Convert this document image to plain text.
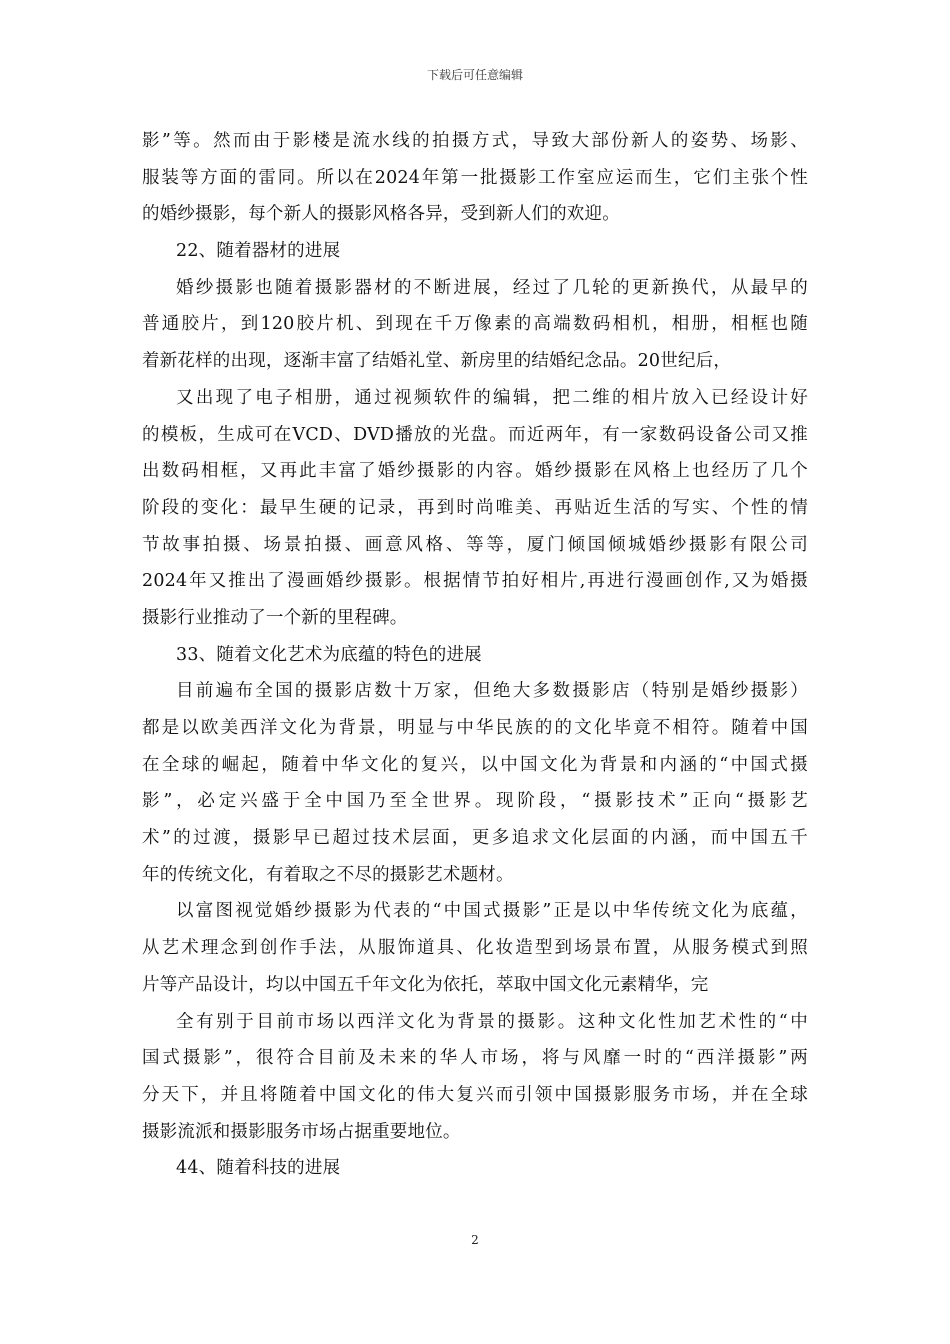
下载后可任意编辑
影”等。然而由于影楼是流水线的拍摄方式，导致大部份新人的姿势、场影、
服装等方面的雷同。所以在2024年第一批摄影工作室应运而生，它们主张个性
的婚纱摄影，每个新人的摄影风格各异，受到新人们的欢迎。
22、随着器材的进展
婚纱摄影也随着摄影器材的不断进展，经过了几轮的更新换代，从最早的
普通胶片，到120胶片机、到现在千万像素的高端数码相机，相册，相框也随
着新花样的出现，逐渐丰富了结婚礼堂、新房里的结婚纪念品。20世纪后，
又出现了电子相册，通过视频软件的编辑，把二维的相片放入已经设计好
的模板，生成可在VCD、DVD播放的光盘。而近两年，有一家数码设备公司又推
出数码相框，又再此丰富了婚纱摄影的内容。婚纱摄影在风格上也经历了几个
阶段的变化：最早生硬的记录，再到时尚唯美、再贴近生活的写实、个性的情
节故事拍摄、场景拍摄、画意风格、等等，厦门倾国倾城婚纱摄影有限公司
2024年又推出了漫画婚纱摄影。根据情节拍好相片,再进行漫画创作,又为婚摄
摄影行业推动了一个新的里程碑。
33、随着文化艺术为底蕴的特色的进展
目前遍布全国的摄影店数十万家，但绝大多数摄影店（特别是婚纱摄影）
都是以欧美西洋文化为背景，明显与中华民族的的文化毕竟不相符。随着中国
在全球的崛起，随着中华文化的复兴，以中国文化为背景和内涵的“中国式摄
影”，必定兴盛于全中国乃至全世界。现阶段，“摄影技术”正向“摄影艺
术”的过渡，摄影早已超过技术层面，更多追求文化层面的内涵，而中国五千
年的传统文化，有着取之不尽的摄影艺术题材。
以富图视觉婚纱摄影为代表的“中国式摄影”正是以中华传统文化为底蕴，
从艺术理念到创作手法，从服饰道具、化妆造型到场景布置，从服务模式到照
片等产品设计，均以中国五千年文化为依托，萃取中国文化元素精华，完
全有别于目前市场以西洋文化为背景的摄影。这种文化性加艺术性的“中
国式摄影”，很符合目前及未来的华人市场，将与风靡一时的“西洋摄影”两
分天下，并且将随着中国文化的伟大复兴而引领中国摄影服务市场，并在全球
摄影流派和摄影服务市场占据重要地位。
44、随着科技的进展
2
